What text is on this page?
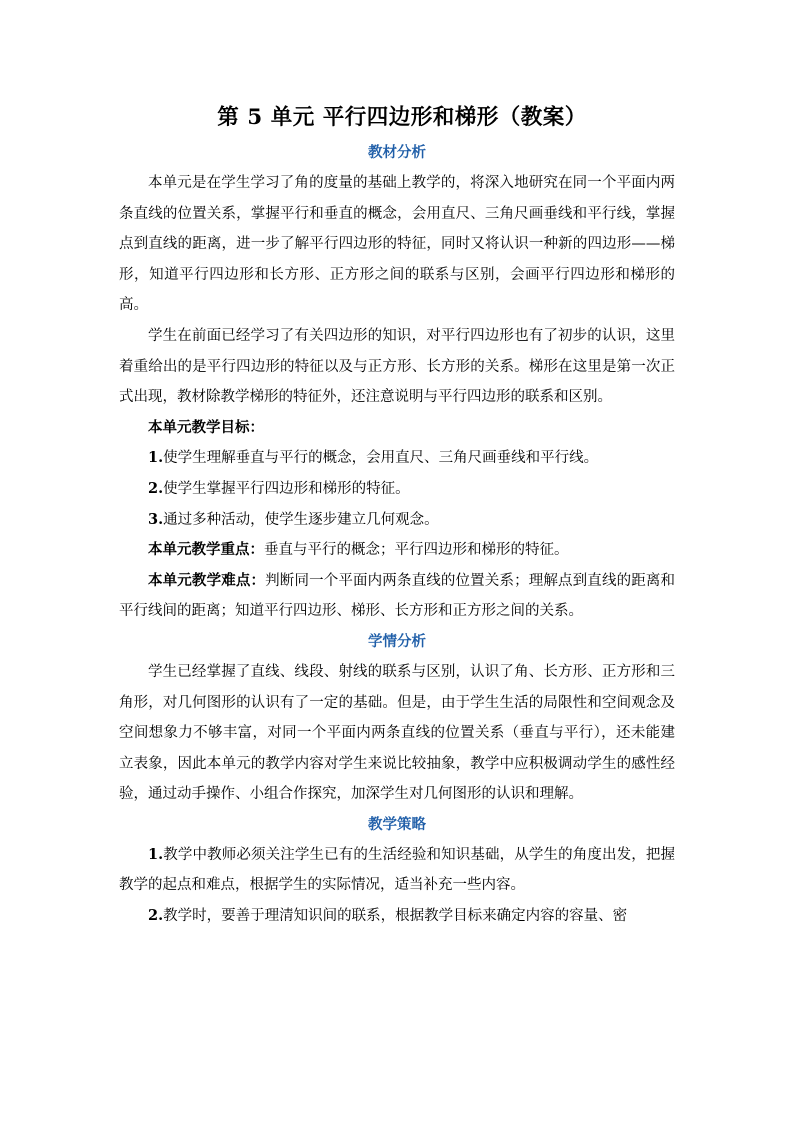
第 5 单元 平行四边形和梯形（教案）
教材分析

本单元是在学生学习了角的度量的基础上教学的，将深入地研究在同一个平面内两条直线的位置关系，掌握平行和垂直的概念，会用直尺、三角尺画垂线和平行线，掌握点到直线的距离，进一步了解平行四边形的特征，同时又将认识一种新的四边形——梯形，知道平行四边形和长方形、正方形之间的联系与区别，会画平行四边形和梯形的高。

学生在前面已经学习了有关四边形的知识，对平行四边形也有了初步的认识，这里着重给出的是平行四边形的特征以及与正方形、长方形的关系。梯形在这里是第一次正式出现，教材除教学梯形的特征外，还注意说明与平行四边形的联系和区别。

本单元教学目标：

1.使学生理解垂直与平行的概念，会用直尺、三角尺画垂线和平行线。

2.使学生掌握平行四边形和梯形的特征。

3.通过多种活动，使学生逐步建立几何观念。

本单元教学重点：垂直与平行的概念；平行四边形和梯形的特征。

本单元教学难点：判断同一个平面内两条直线的位置关系；理解点到直线的距离和平行线间的距离；知道平行四边形、梯形、长方形和正方形之间的关系。

学情分析

学生已经掌握了直线、线段、射线的联系与区别，认识了角、长方形、正方形和三角形，对几何图形的认识有了一定的基础。但是，由于学生生活的局限性和空间观念及空间想象力不够丰富，对同一个平面内两条直线的位置关系（垂直与平行），还未能建立表象，因此本单元的教学内容对学生来说比较抽象，教学中应积极调动学生的感性经验，通过动手操作、小组合作探究，加深学生对几何图形的认识和理解。

教学策略

1.教学中教师必须关注学生已有的生活经验和知识基础，从学生的角度出发，把握教学的起点和难点，根据学生的实际情况，适当补充一些内容。

2.教学时，要善于理清知识间的联系，根据教学目标来确定内容的容量、密
